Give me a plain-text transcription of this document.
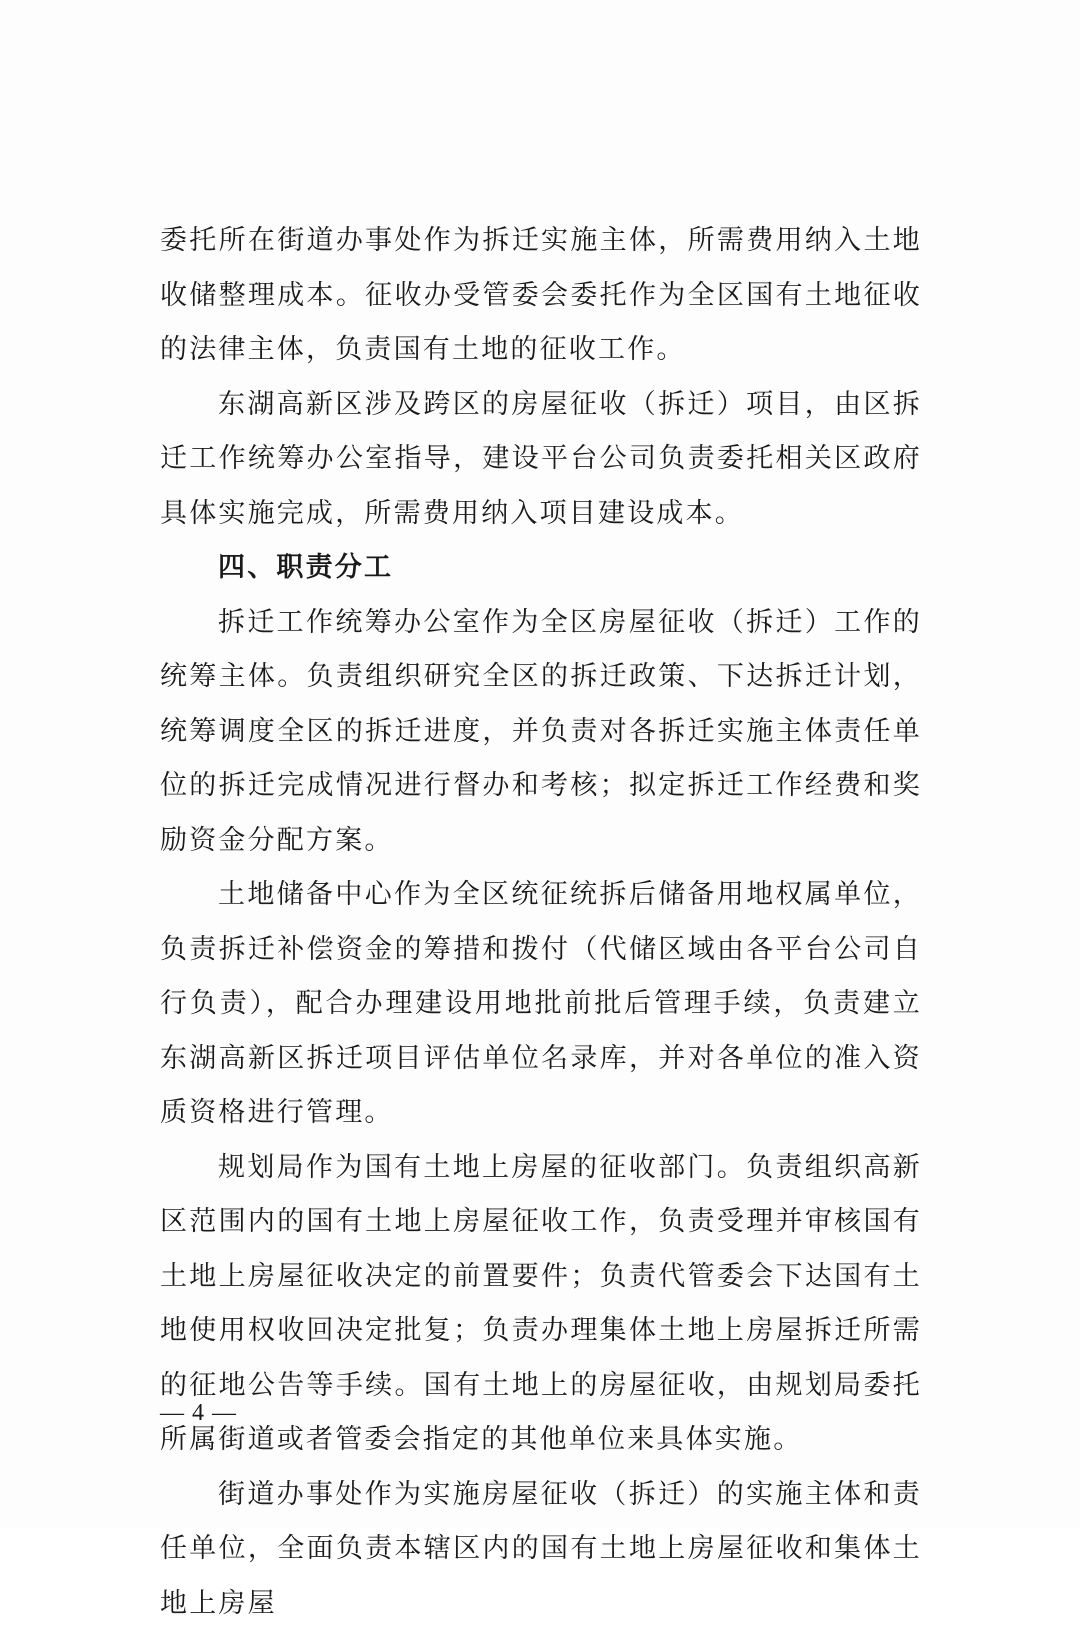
委托所在街道办事处作为拆迁实施主体，所需费用纳入土地收储整理成本。征收办受管委会委托作为全区国有土地征收的法律主体，负责国有土地的征收工作。

东湖高新区涉及跨区的房屋征收（拆迁）项目，由区拆迁工作统筹办公室指导，建设平台公司负责委托相关区政府具体实施完成，所需费用纳入项目建设成本。

四、职责分工

拆迁工作统筹办公室作为全区房屋征收（拆迁）工作的统筹主体。负责组织研究全区的拆迁政策、下达拆迁计划，统筹调度全区的拆迁进度，并负责对各拆迁实施主体责任单位的拆迁完成情况进行督办和考核；拟定拆迁工作经费和奖励资金分配方案。

土地储备中心作为全区统征统拆后储备用地权属单位，负责拆迁补偿资金的筹措和拨付（代储区域由各平台公司自行负责），配合办理建设用地批前批后管理手续，负责建立东湖高新区拆迁项目评估单位名录库，并对各单位的准入资质资格进行管理。

规划局作为国有土地上房屋的征收部门。负责组织高新区范围内的国有土地上房屋征收工作，负责受理并审核国有土地上房屋征收决定的前置要件；负责代管委会下达国有土地使用权收回决定批复；负责办理集体土地上房屋拆迁所需的征地公告等手续。国有土地上的房屋征收，由规划局委托所属街道或者管委会指定的其他单位来具体实施。

街道办事处作为实施房屋征收（拆迁）的实施主体和责任单位，全面负责本辖区内的国有土地上房屋征收和集体土地上房屋

— 4 —
